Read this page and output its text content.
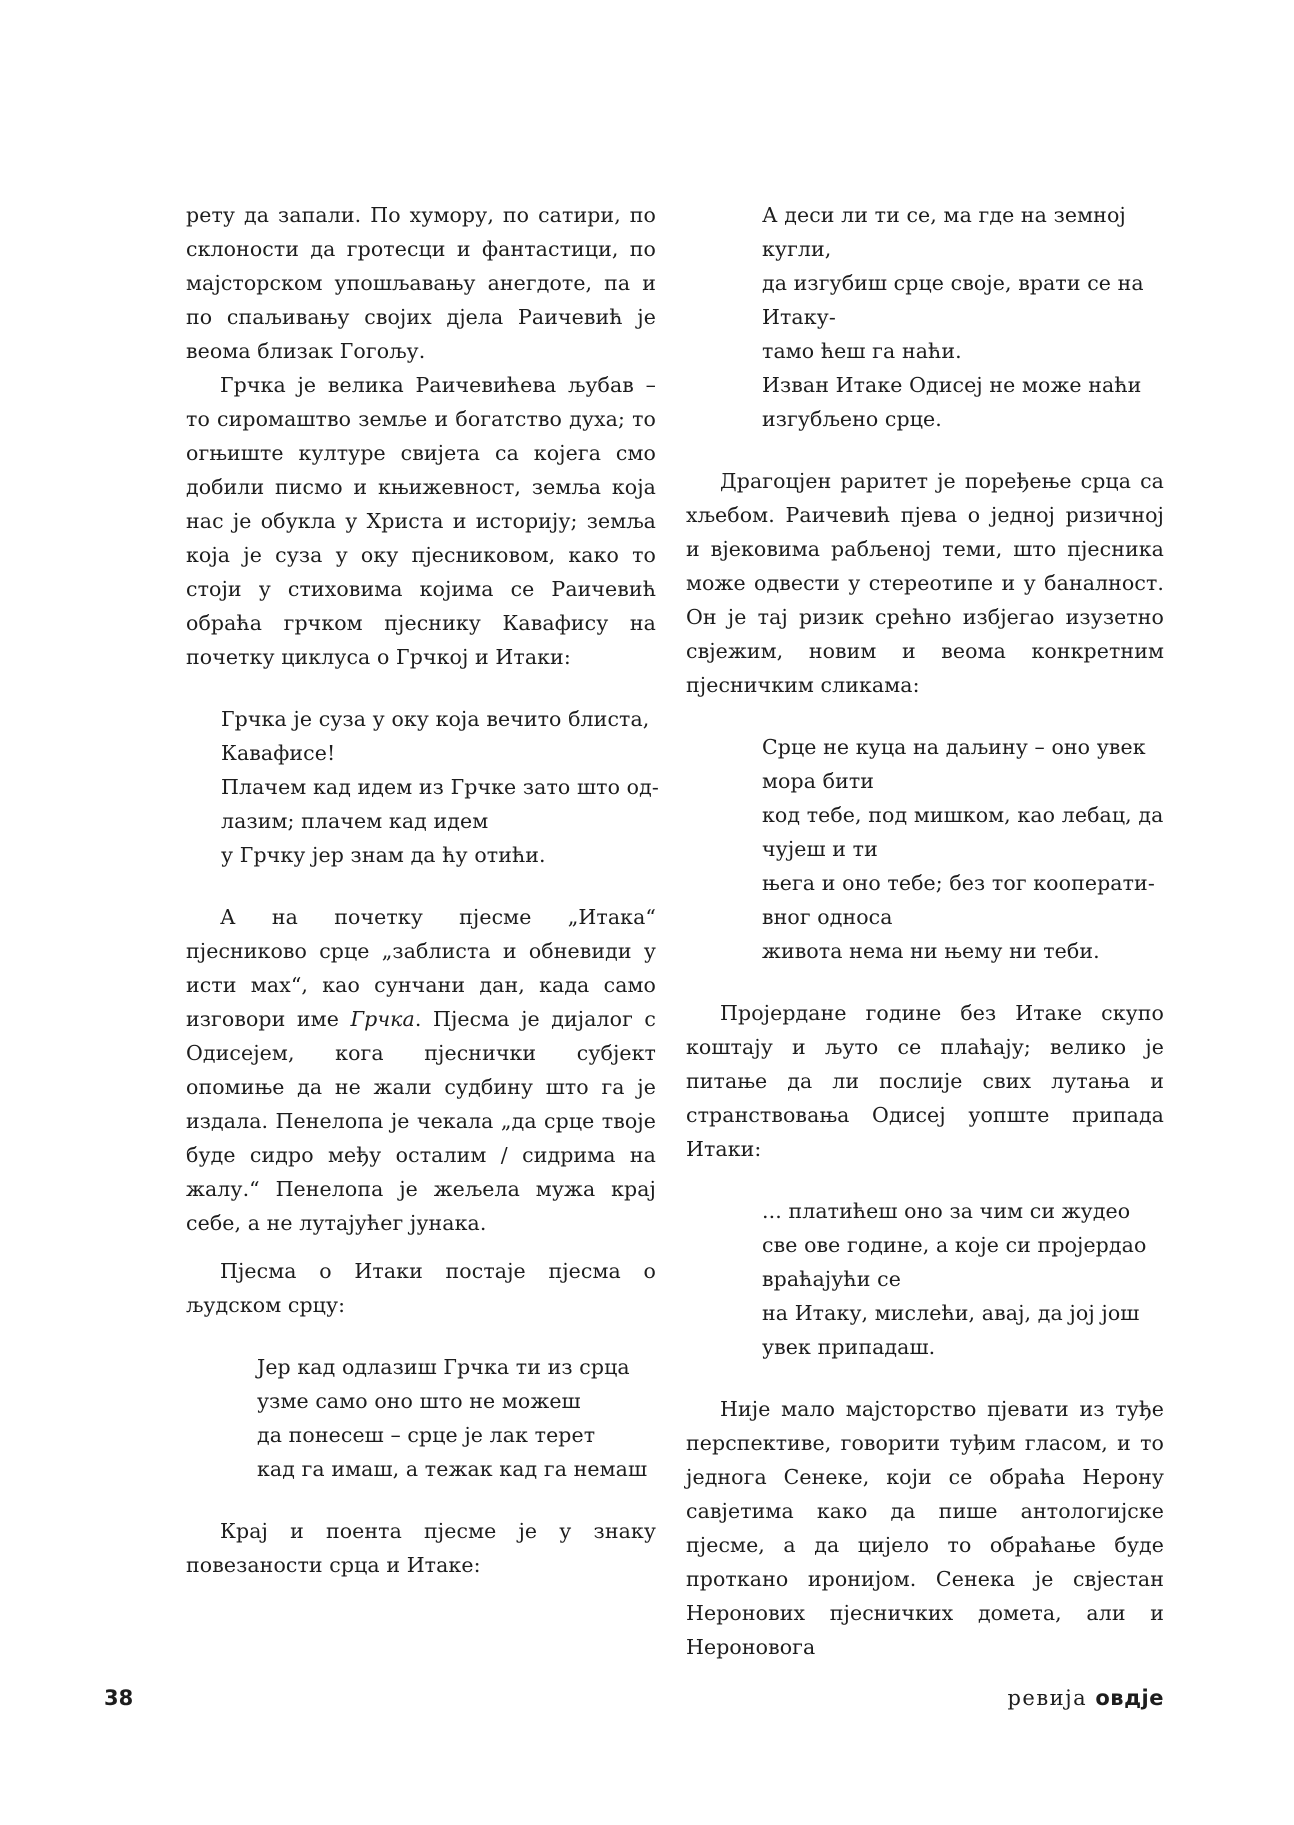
рету да запали. По хумору, по сатири, по склоности да гротесци и фантастици, по мајсторском упошљавању анегдоте, па и по спаљивању својих дјела Раичевић је веома близак Гогољу.

Грчка је велика Раичевићева љубав – то сиромаштво земље и богатство духа; то огњиште културе свијета са којега смо добили писмо и књижевност, земља која нас је обукла у Христа и историју; земља која је суза у оку пјесниковом, како то стоји у стиховима којима се Раичевић обраћа грчком пјеснику Кавафису на почетку циклуса о Грчкој и Итаки:

Грчка је суза у оку која вечито блиста,
Кавафисе!
Плачем кад идем из Грчке зато што од-
лазим; плачем кад идем
у Грчку јер знам да ћу отићи.

А на почетку пјесме „Итака“ пјесниково срце „заблиста и обневиди у исти мах“, као сунчани дан, када само изговори име Грчка. Пјесма је дијалог с Одисејем, кога пјеснички субјект опомиње да не жали судбину што га је издала. Пенелопа је чекала „да срце твоје буде сидро међу осталим / сидрима на жалу.“ Пенелопа је жељела мужа крај себе, а не лутајућег јунака.

Пјесма о Итаки постаје пјесма о људском срцу:

Јер кад одлазиш Грчка ти из срца
узме само оно што не можеш
да понесеш – срце је лак терет
кад га имаш, а тежак кад га немаш

Крај и поента пјесме је у знаку повезаности срца и Итаке:

А деси ли ти се, ма где на земној
кугли,
да изгубиш срце своје, врати се на
Итаку-
тамо ћеш га наћи.
Изван Итаке Одисеј не може наћи
изгубљено срце.

Драгоцјен раритет је поређење срца са хљебом. Раичевић пјева о једној ризичној и вјековима рабљеној теми, што пјесника може одвести у стереотипе и у баналност. Он је тај ризик срећно избјегао изузетно свјежим, новим и веома конкретним пјесничким сликама:

Срце не куца на даљину – оно увек
мора бити
код тебе, под мишком, као лебац, да
чујеш и ти
њега и оно тебе; без тог кооперати-
вног односа
живота нема ни њему ни теби.

Пројердане године без Итаке скупо коштају и љуто се плаћају; велико је питање да ли послије свих лутања и странствовања Одисеј уопште припада Итаки:

... платићеш оно за чим си жудео
све ове године, а које си пројердао
враћајући се
на Итаку, мислећи, авај, да јој још
увек припадаш.

Није мало мајсторство пјевати из туђе перспективе, говорити туђим гласом, и то једнога Сенеке, који се обраћа Нерону савјетима како да пише антологијске пјесме, а да цијело то обраћање буде проткано иронијом. Сенека је свјестан Неронових пјесничких домета, али и Нероновога

38	ревија овдје
